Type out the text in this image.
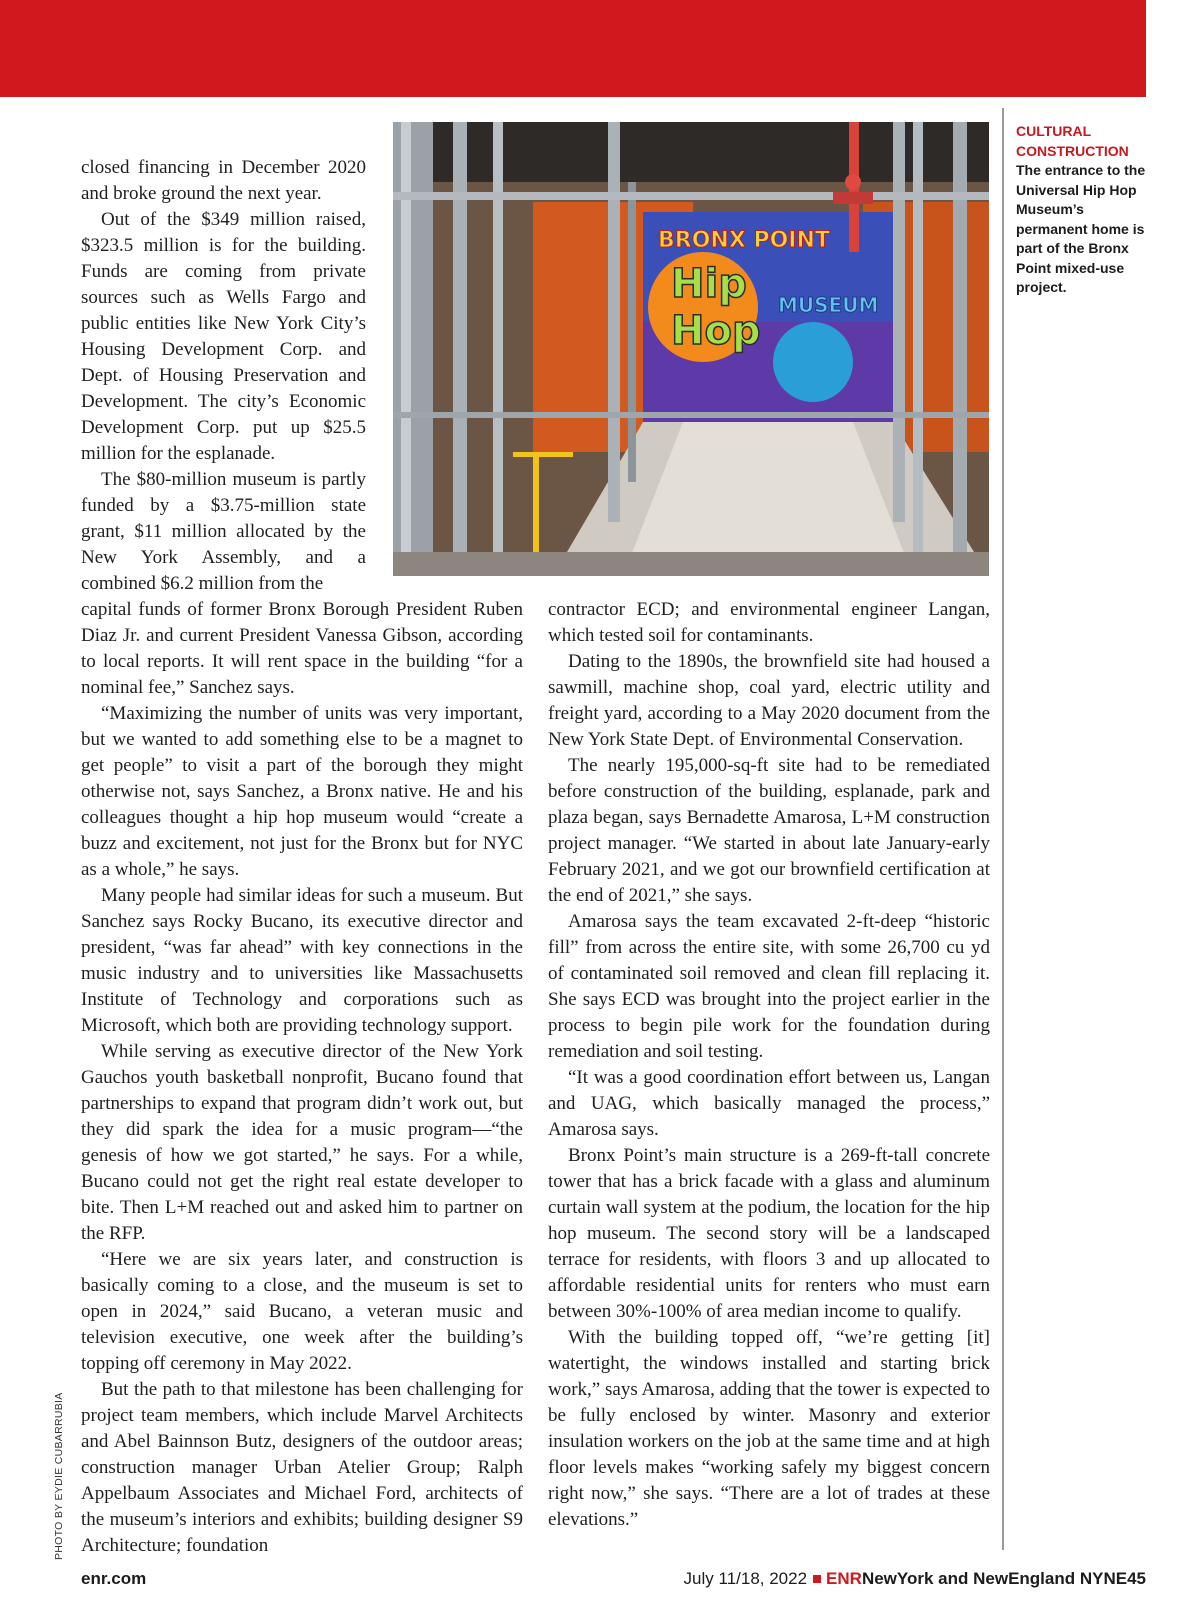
BRONX POINT
Hip
Hop
MUSEUM
CULTURAL CONSTRUCTION
The entrance to the Universal Hip Hop Museum’s permanent home is part of the Bronx Point mixed-use project.

closed financing in December 2020 and broke ground the next year.

Out of the $349 million raised, $323.5 million is for the building. Funds are coming from private sources such as Wells Fargo and public entities like New York City’s Housing Development Corp. and Dept. of Housing Preservation and Development. The city’s Economic Development Corp. put up $25.5 million for the esplanade.

The $80-million museum is partly funded by a $3.75-million state grant, $11 million allocated by the New York Assembly, and a combined $6.2 million from the

capital funds of former Bronx Borough President Ruben Diaz Jr. and current President Vanessa Gibson, according to local reports. It will rent space in the building “for a nominal fee,” Sanchez says.

“Maximizing the number of units was very important, but we wanted to add something else to be a magnet to get people” to visit a part of the borough they might otherwise not, says Sanchez, a Bronx native. He and his colleagues thought a hip hop museum would “create a buzz and excitement, not just for the Bronx but for NYC as a whole,” he says.

Many people had similar ideas for such a museum. But Sanchez says Rocky Bucano, its executive director and president, “was far ahead” with key connections in the music industry and to universities like Massachusetts Institute of Technology and corporations such as Microsoft, which both are providing technology support.

While serving as executive director of the New York Gauchos youth basketball nonprofit, Bucano found that partnerships to expand that program didn’t work out, but they did spark the idea for a music program—“the genesis of how we got started,” he says. For a while, Bucano could not get the right real estate developer to bite. Then L+M reached out and asked him to partner on the RFP.

“Here we are six years later, and construction is basically coming to a close, and the museum is set to open in 2024,” said Bucano, a veteran music and television executive, one week after the building’s topping off ceremony in May 2022.

But the path to that milestone has been challenging for project team members, which include Marvel Architects and Abel Bainnson Butz, designers of the outdoor areas; construction manager Urban Atelier Group; Ralph Appelbaum Associates and Michael Ford, architects of the museum’s interiors and exhibits; building designer S9 Architecture; foundation

contractor ECD; and environmental engineer Langan, which tested soil for contaminants.

Dating to the 1890s, the brownfield site had housed a sawmill, machine shop, coal yard, electric utility and freight yard, according to a May 2020 document from the New York State Dept. of Environmental Conservation.

The nearly 195,000-sq-ft site had to be remediated before construction of the building, esplanade, park and plaza began, says Bernadette Amarosa, L+M construction project manager. “We started in about late January-early February 2021, and we got our brownfield certification at the end of 2021,” she says.

Amarosa says the team excavated 2-ft-deep “historic fill” from across the entire site, with some 26,700 cu yd of contaminated soil removed and clean fill replacing it. She says ECD was brought into the project earlier in the process to begin pile work for the foundation during remediation and soil testing.

“It was a good coordination effort between us, Langan and UAG, which basically managed the process,” Amarosa says.

Bronx Point’s main structure is a 269-ft-tall concrete tower that has a brick facade with a glass and aluminum curtain wall system at the podium, the location for the hip hop museum. The second story will be a landscaped terrace for residents, with floors 3 and up allocated to affordable residential units for renters who must earn between 30%-100% of area median income to qualify.

With the building topped off, “we’re getting [it] watertight, the windows installed and starting brick work,” says Amarosa, adding that the tower is expected to be fully enclosed by winter. Masonry and exterior insulation workers on the job at the same time and at high floor levels makes “working safely my biggest concern right now,” she says. “There are a lot of trades at these elevations.”

PHOTO BY EYDIE CUBARRUBIA
enr.com	July 11/18, 2022 ENRNewYork and NewEngland NYNE45
